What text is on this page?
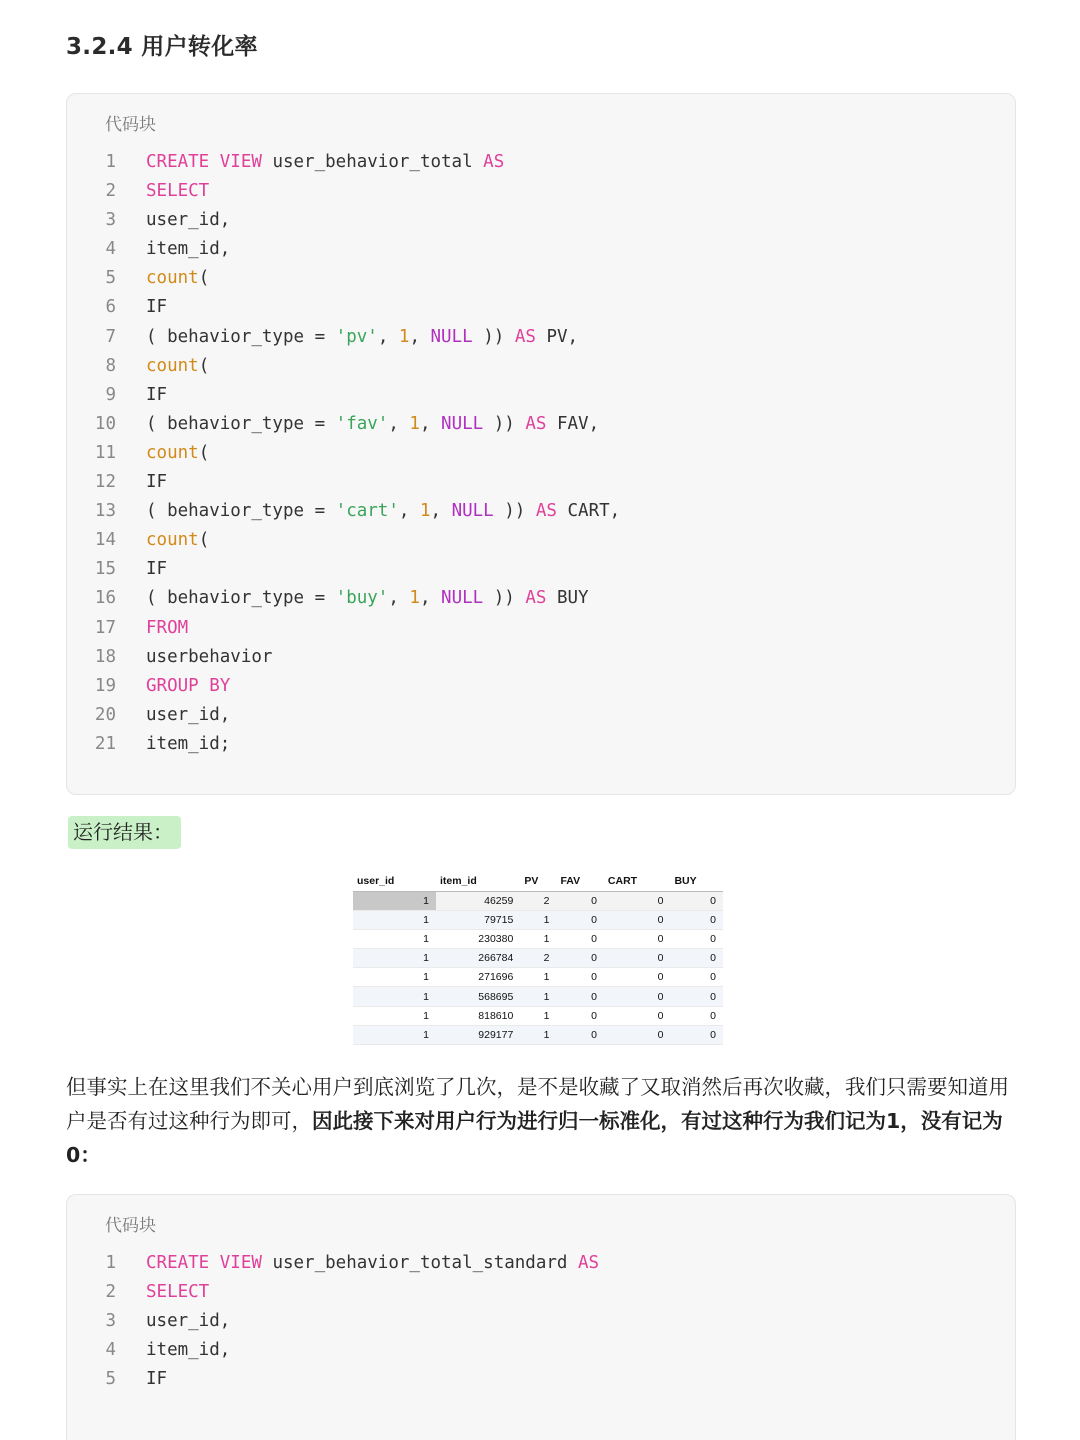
3.2.4 用户转化率
代码块
1 CREATE VIEW user_behavior_total AS
2 SELECT
3 user_id,
4 item_id,
5 count(
6 IF
7 ( behavior_type = 'pv', 1, NULL )) AS PV,
8 count(
9 IF
10 ( behavior_type = 'fav', 1, NULL )) AS FAV,
11 count(
12 IF
13 ( behavior_type = 'cart', 1, NULL )) AS CART,
14 count(
15 IF
16 ( behavior_type = 'buy', 1, NULL )) AS BUY
17 FROM
18 userbehavior
19 GROUP BY
20 user_id,
21 item_id;
运行结果：
user_id	item_id	PV	FAV	CART	BUY
1	46259	2	0	0	0
1	79715	1	0	0	0
1	230380	1	0	0	0
1	266784	2	0	0	0
1	271696	1	0	0	0
1	568695	1	0	0	0
1	818610	1	0	0	0
1	929177	1	0	0	0
但事实上在这里我们不关心用户到底浏览了几次，是不是收藏了又取消然后再次收藏，我们只需要知道用户是否有过这种行为即可，因此接下来对用户行为进行归一标准化，有过这种行为我们记为1，没有记为0：
代码块
1 CREATE VIEW user_behavior_total_standard AS
2 SELECT
3 user_id,
4 item_id,
5 IF
